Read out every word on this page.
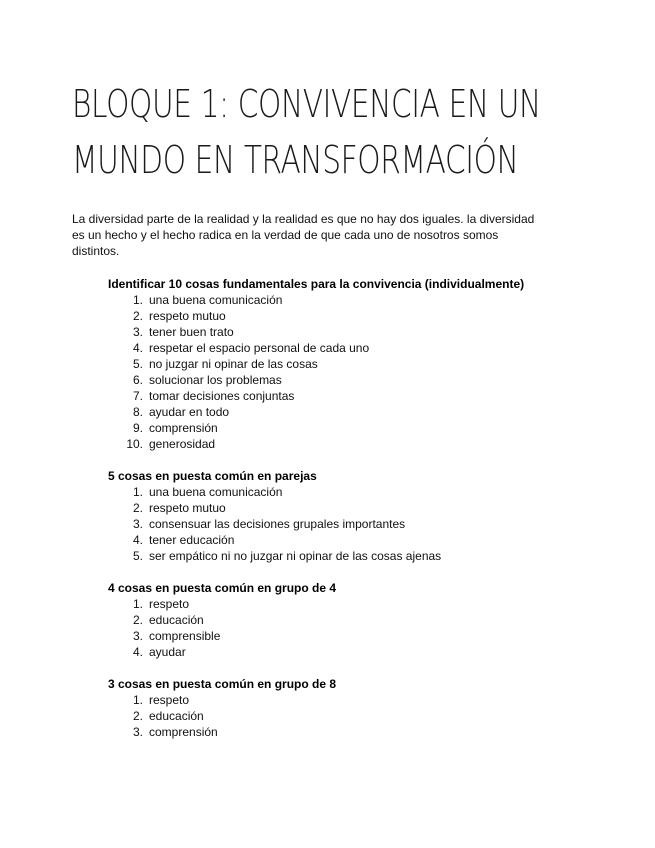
BLOQUE 1: CONVIVENCIA EN UN
MUNDO EN TRANSFORMACIÓN

La diversidad parte de la realidad y la realidad es que no hay dos iguales. la diversidad es un hecho y el hecho radica en la verdad de que cada uno de nosotros somos distintos.

Identificar 10 cosas fundamentales para la convivencia (individualmente)

1. una buena comunicación
2. respeto mutuo
3. tener buen trato
4. respetar el espacio personal de cada uno
5. no juzgar ni opinar de las cosas
6. solucionar los problemas
7. tomar decisiones conjuntas
8. ayudar en todo
9. comprensión
10. generosidad

5 cosas en puesta común en parejas

1. una buena comunicación
2. respeto mutuo
3. consensuar las decisiones grupales importantes
4. tener educación
5. ser empático ni no juzgar ni opinar de las cosas ajenas

4 cosas en puesta común en grupo de 4

1. respeto
2. educación
3. comprensible
4. ayudar

3 cosas en puesta común en grupo de 8

1. respeto
2. educación
3. comprensión
